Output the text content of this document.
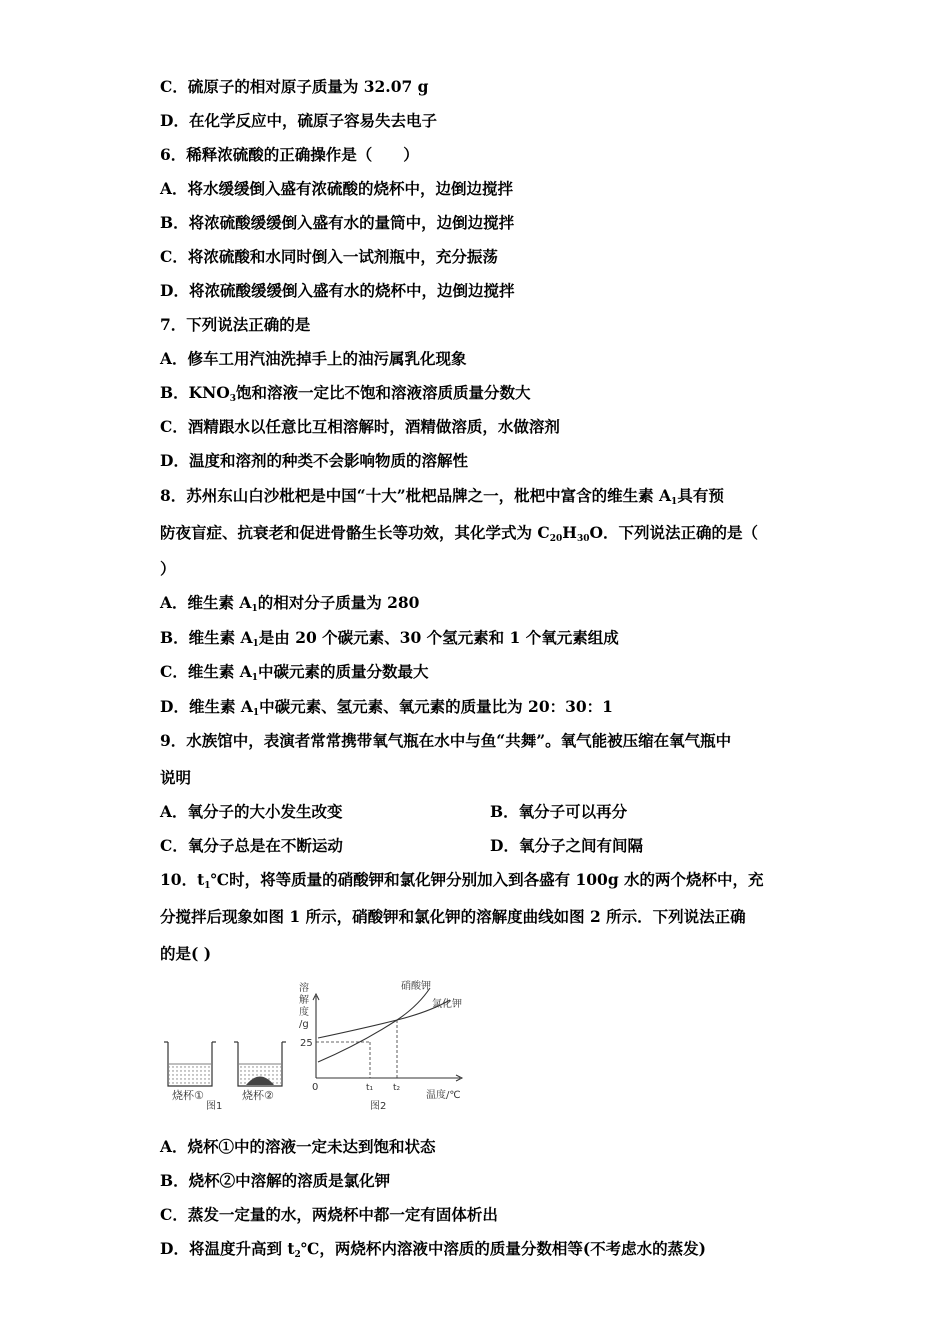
C．硫原子的相对原子质量为 32.07 g
D．在化学反应中，硫原子容易失去电子
6．稀释浓硫酸的正确操作是（　　）
A．将水缓缓倒入盛有浓硫酸的烧杯中，边倒边搅拌
B．将浓硫酸缓缓倒入盛有水的量筒中，边倒边搅拌
C．将浓硫酸和水同时倒入一试剂瓶中，充分振荡
D．将浓硫酸缓缓倒入盛有水的烧杯中，边倒边搅拌
7．下列说法正确的是
A．修车工用汽油洗掉手上的油污属乳化现象
B．$KNO_3$饱和溶液一定比不饱和溶液溶质质量分数大
C．酒精跟水以任意比互相溶解时，酒精做溶质，水做溶剂
D．温度和溶剂的种类不会影响物质的溶解性
8．苏州东山白沙枇杷是中国“十大”枇杷品牌之一，枇杷中富含的维生素 $A_1$具有预
防夜盲症、抗衰老和促进骨骼生长等功效，其化学式为 $C_{20}H_{30}O$．下列说法正确的是（
）
A．维生素 $A_1$的相对分子质量为 280
B．维生素 $A_1$是由 20 个碳元素、30 个氢元素和 1 个氧元素组成
C．维生素 $A_1$中碳元素的质量分数最大
D．维生素 $A_1$中碳元素、氢元素、氧元素的质量比为 20：30：1
9．水族馆中，表演者常常携带氧气瓶在水中与鱼“共舞”。氧气能被压缩在氧气瓶中
说明
A．氧分子的大小发生改变	B．氧分子可以再分
C．氧分子总是在不断运动	D．氧分子之间有间隔
10．$t_1℃$时，将等质量的硝酸钾和氯化钾分别加入到各盛有 100g 水的两个烧杯中，充
分搅拌后现象如图 1 所示，硝酸钾和氯化钾的溶解度曲线如图 2 所示．下列说法正确
的是( )
烧杯①
图1
烧杯②
溶
解
度
/g
25
0	t₁ t₂
温度/℃
图2
硝酸钾
氯化钾
A．烧杯①中的溶液一定未达到饱和状态
B．烧杯②中溶解的溶质是氯化钾
C．蒸发一定量的水，两烧杯中都一定有固体析出
D．将温度升高到 $t_2℃$，两烧杯内溶液中溶质的质量分数相等(不考虑水的蒸发)
